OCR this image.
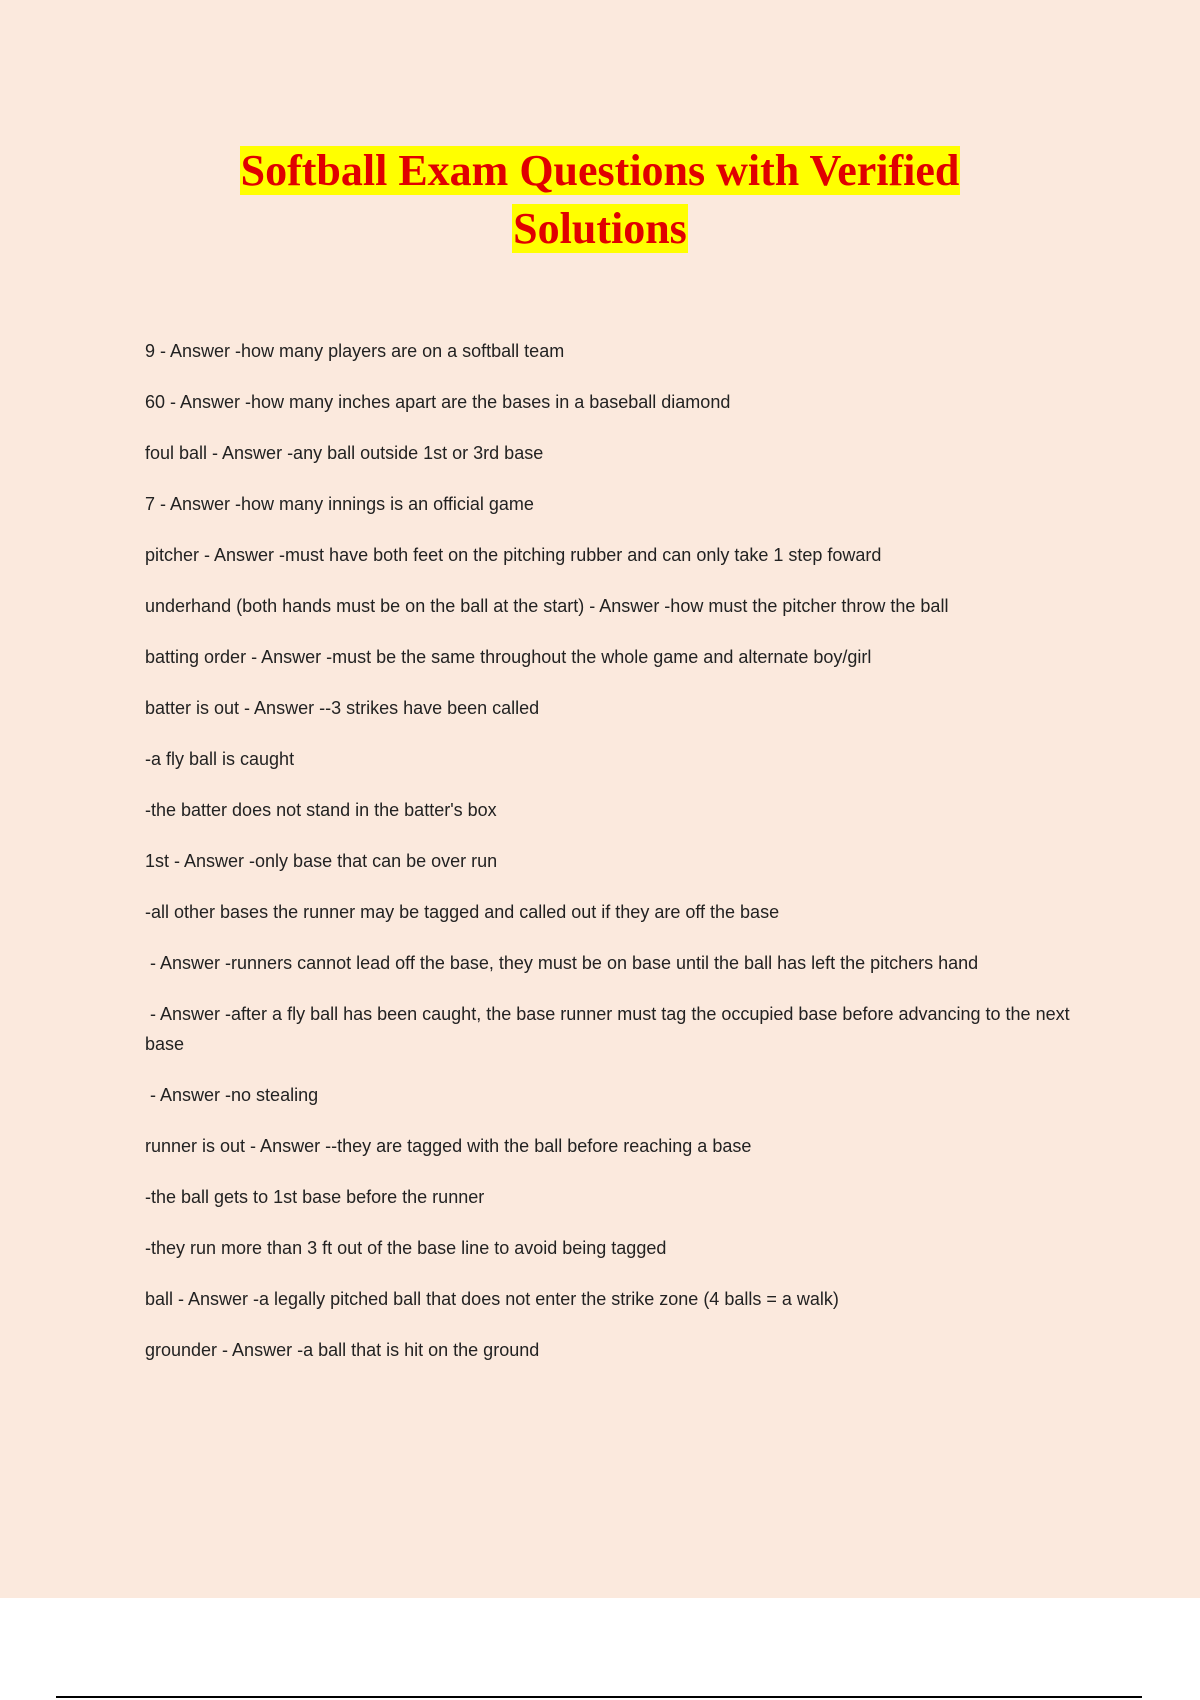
Softball Exam Questions with Verified
Solutions
9 - Answer -how many players are on a softball team
60 - Answer -how many inches apart are the bases in a baseball diamond
foul ball - Answer -any ball outside 1st or 3rd base
7 - Answer -how many innings is an official game
pitcher - Answer -must have both feet on the pitching rubber and can only take 1 step foward
underhand (both hands must be on the ball at the start) - Answer -how must the pitcher throw the ball
batting order - Answer -must be the same throughout the whole game and alternate boy/girl
batter is out - Answer --3 strikes have been called
-a fly ball is caught
-the batter does not stand in the batter's box
1st - Answer -only base that can be over run
-all other bases the runner may be tagged and called out if they are off the base
- Answer -runners cannot lead off the base, they must be on base until the ball has left the pitchers hand
- Answer -after a fly ball has been caught, the base runner must tag the occupied base before advancing to the next base
- Answer -no stealing
runner is out - Answer --they are tagged with the ball before reaching a base
-the ball gets to 1st base before the runner
-they run more than 3 ft out of the base line to avoid being tagged
ball - Answer -a legally pitched ball that does not enter the strike zone (4 balls = a walk)
grounder - Answer -a ball that is hit on the ground
